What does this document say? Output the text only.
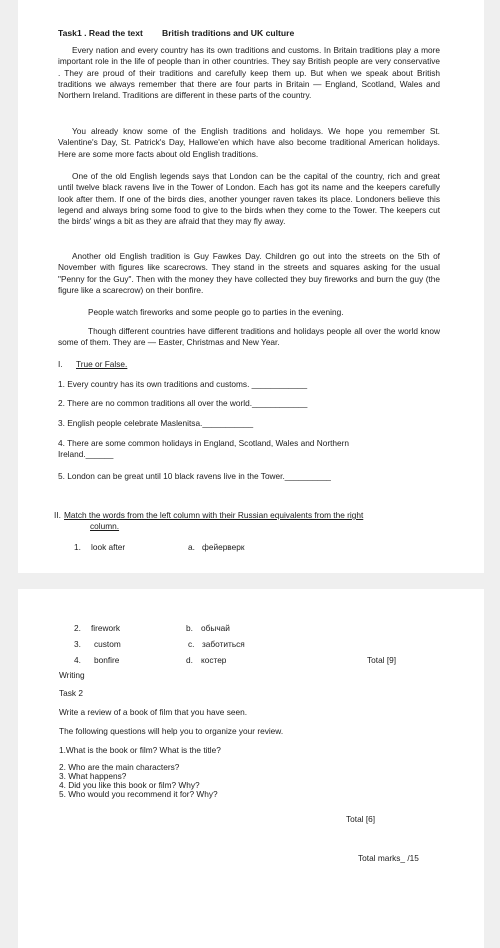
Task1 . Read the text British traditions and UK culture
Every nation and every country has its own traditions and customs. In Britain traditions play a more important role in the life of people than in other countries. They say British people are very conservative . They are proud of their traditions and carefully keep them up. But when we speak about British traditions we always remember that there are four parts in Britain — England, Scotland, Wales and Northern Ireland. Traditions are different in these parts of the country.
You already know some of the English traditions and holidays. We hope you remember St. Valentine's Day, St. Patrick's Day, Hallowe'en which have also become traditional American holidays. Here are some more facts about old English traditions.
One of the old English legends says that London can be the capital of the country, rich and great until twelve black ravens live in the Tower of London. Each has got its name and the keepers carefully look after them. If one of the birds dies, another younger raven takes its place. Londoners believe this legend and always bring some food to give to the birds when they come to the Tower. The keepers cut the birds' wings a bit as they are afraid that they may fly away.
Another old English tradition is Guy Fawkes Day. Children go out into the streets on the 5th of November with figures like scarecrows. They stand in the streets and squares asking for the usual "Penny for the Guy". Then with the money they have collected they buy fireworks and burn the guy (the figure like a scarecrow) on their bonfire.
People watch fireworks and some people go to parties in the evening.
Though different countries have different traditions and holidays people all over the world know some of them. They are — Easter, Christmas and New Year.
I. True or False.
1. Every country has its own traditions and customs. ____________
2. There are no common traditions all over the world.____________
3. English people celebrate Maslenitsa.___________
4. There are some common holidays in England, Scotland, Wales and Northern
Ireland.______
5. London can be great until 10 black ravens live in the Tower.__________
II. Match the words from the left column with their Russian equivalents from the right
column.
1. look after	a. фейерверк
2. firework	b. обычай
3. custom	c. заботиться
4. bonfire	d. костер	Total [9]
Writing
Task 2
Write a review of a book of film that you have seen.
The following questions will help you to organize your review.
1.What is the book or film? What is the title?
2. Who are the main characters?
3. What happens?
4. Did you like this book or film? Why?
5. Who would you recommend it for? Why?
Total [6]
Total marks_ /15
